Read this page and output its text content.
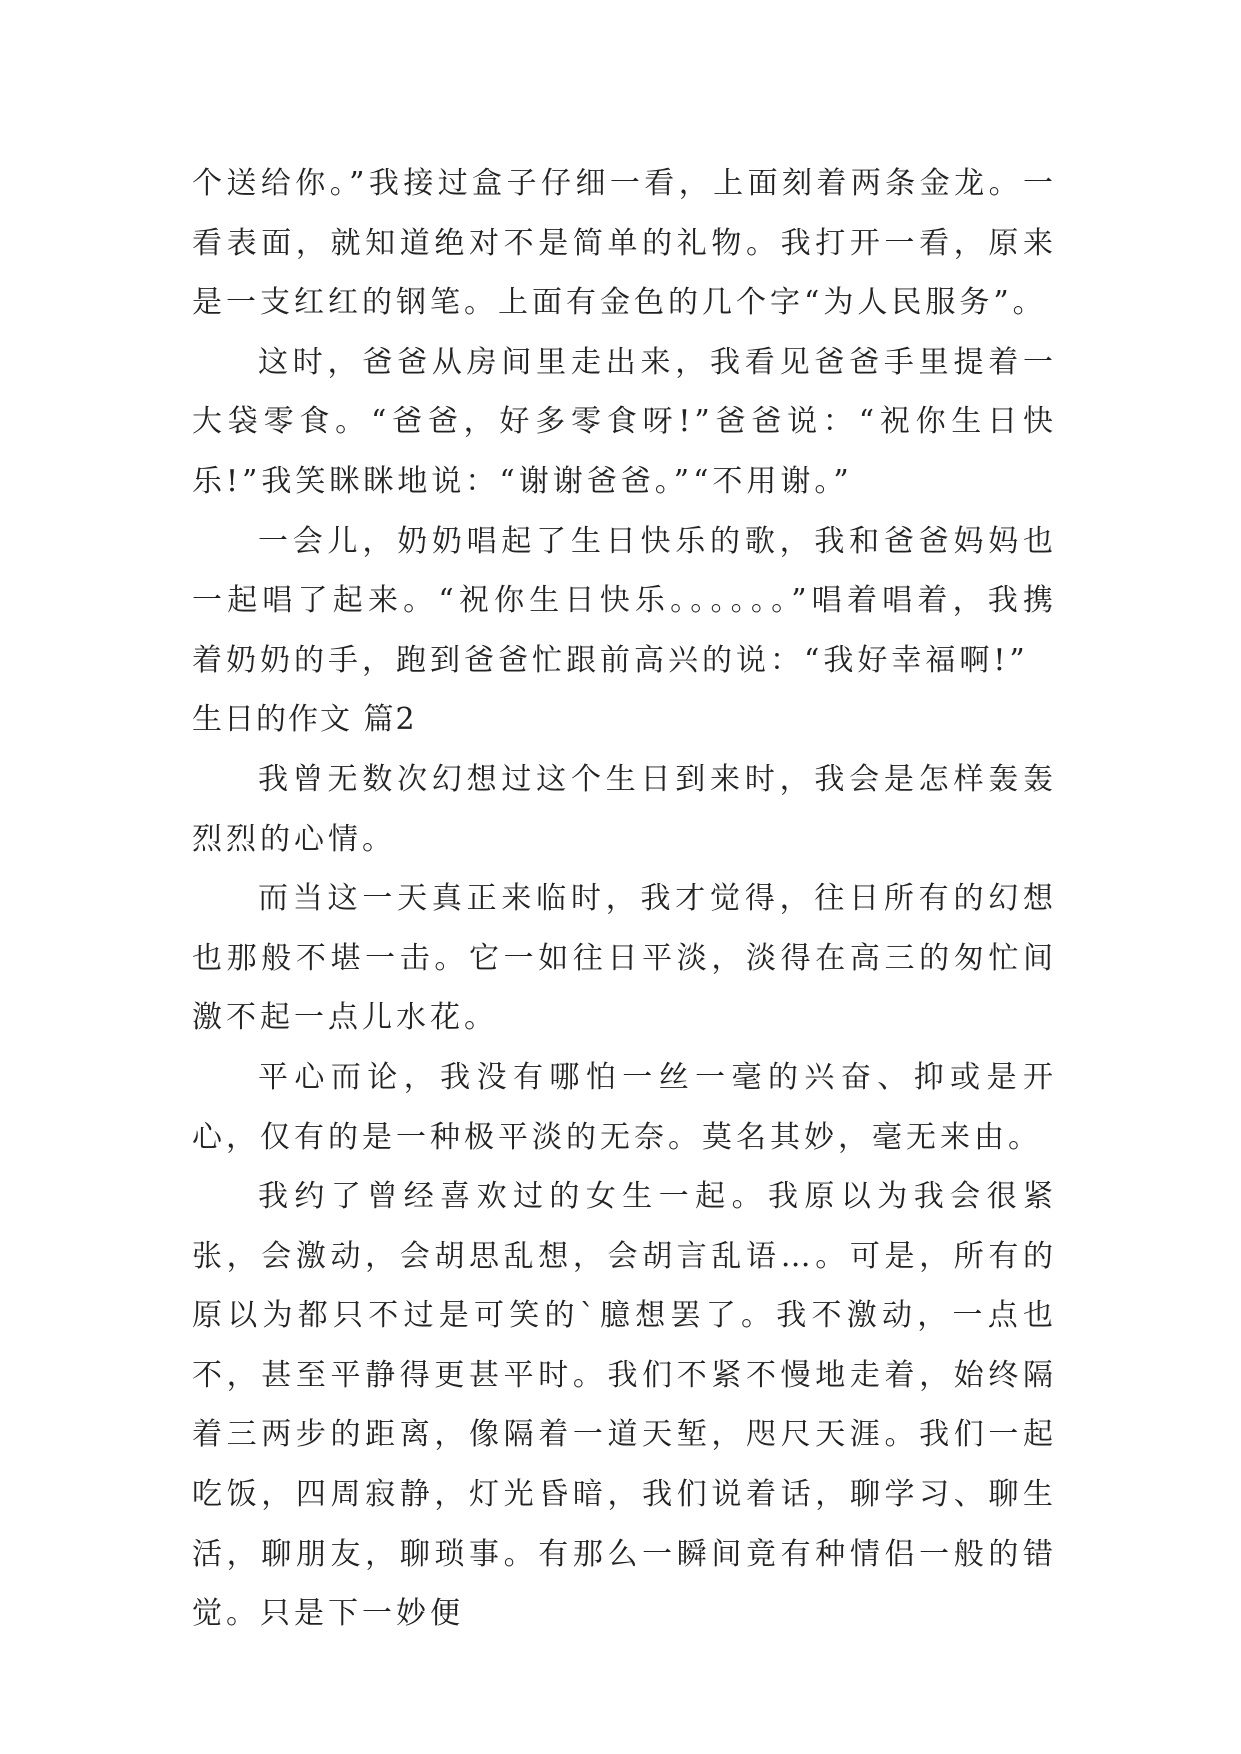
个送给你。”我接过盒子仔细一看，上面刻着两条金龙。一看表面，就知道绝对不是简单的礼物。我打开一看，原来是一支红红的钢笔。上面有金色的几个字“为人民服务”。

这时，爸爸从房间里走出来，我看见爸爸手里提着一大袋零食。“爸爸，好多零食呀!”爸爸说：“祝你生日快乐!”我笑眯眯地说：“谢谢爸爸。”“不用谢。”

一会儿，奶奶唱起了生日快乐的歌，我和爸爸妈妈也一起唱了起来。“祝你生日快乐。。。。。。”唱着唱着，我携着奶奶的手，跑到爸爸忙跟前高兴的说：“我好幸福啊!”

生日的作文 篇2

我曾无数次幻想过这个生日到来时，我会是怎样轰轰烈烈的心情。

而当这一天真正来临时，我才觉得，往日所有的幻想也那般不堪一击。它一如往日平淡，淡得在高三的匆忙间激不起一点儿水花。

平心而论，我没有哪怕一丝一毫的兴奋、抑或是开心，仅有的是一种极平淡的无奈。莫名其妙，毫无来由。

我约了曾经喜欢过的女生一起。我原以为我会很紧张，会激动，会胡思乱想，会胡言乱语…。可是，所有的原以为都只不过是可笑的`臆想罢了。我不激动，一点也不，甚至平静得更甚平时。我们不紧不慢地走着，始终隔着三两步的距离，像隔着一道天堑，咫尺天涯。我们一起吃饭，四周寂静，灯光昏暗，我们说着话，聊学习、聊生活，聊朋友，聊琐事。有那么一瞬间竟有种情侣一般的错觉。只是下一妙便
